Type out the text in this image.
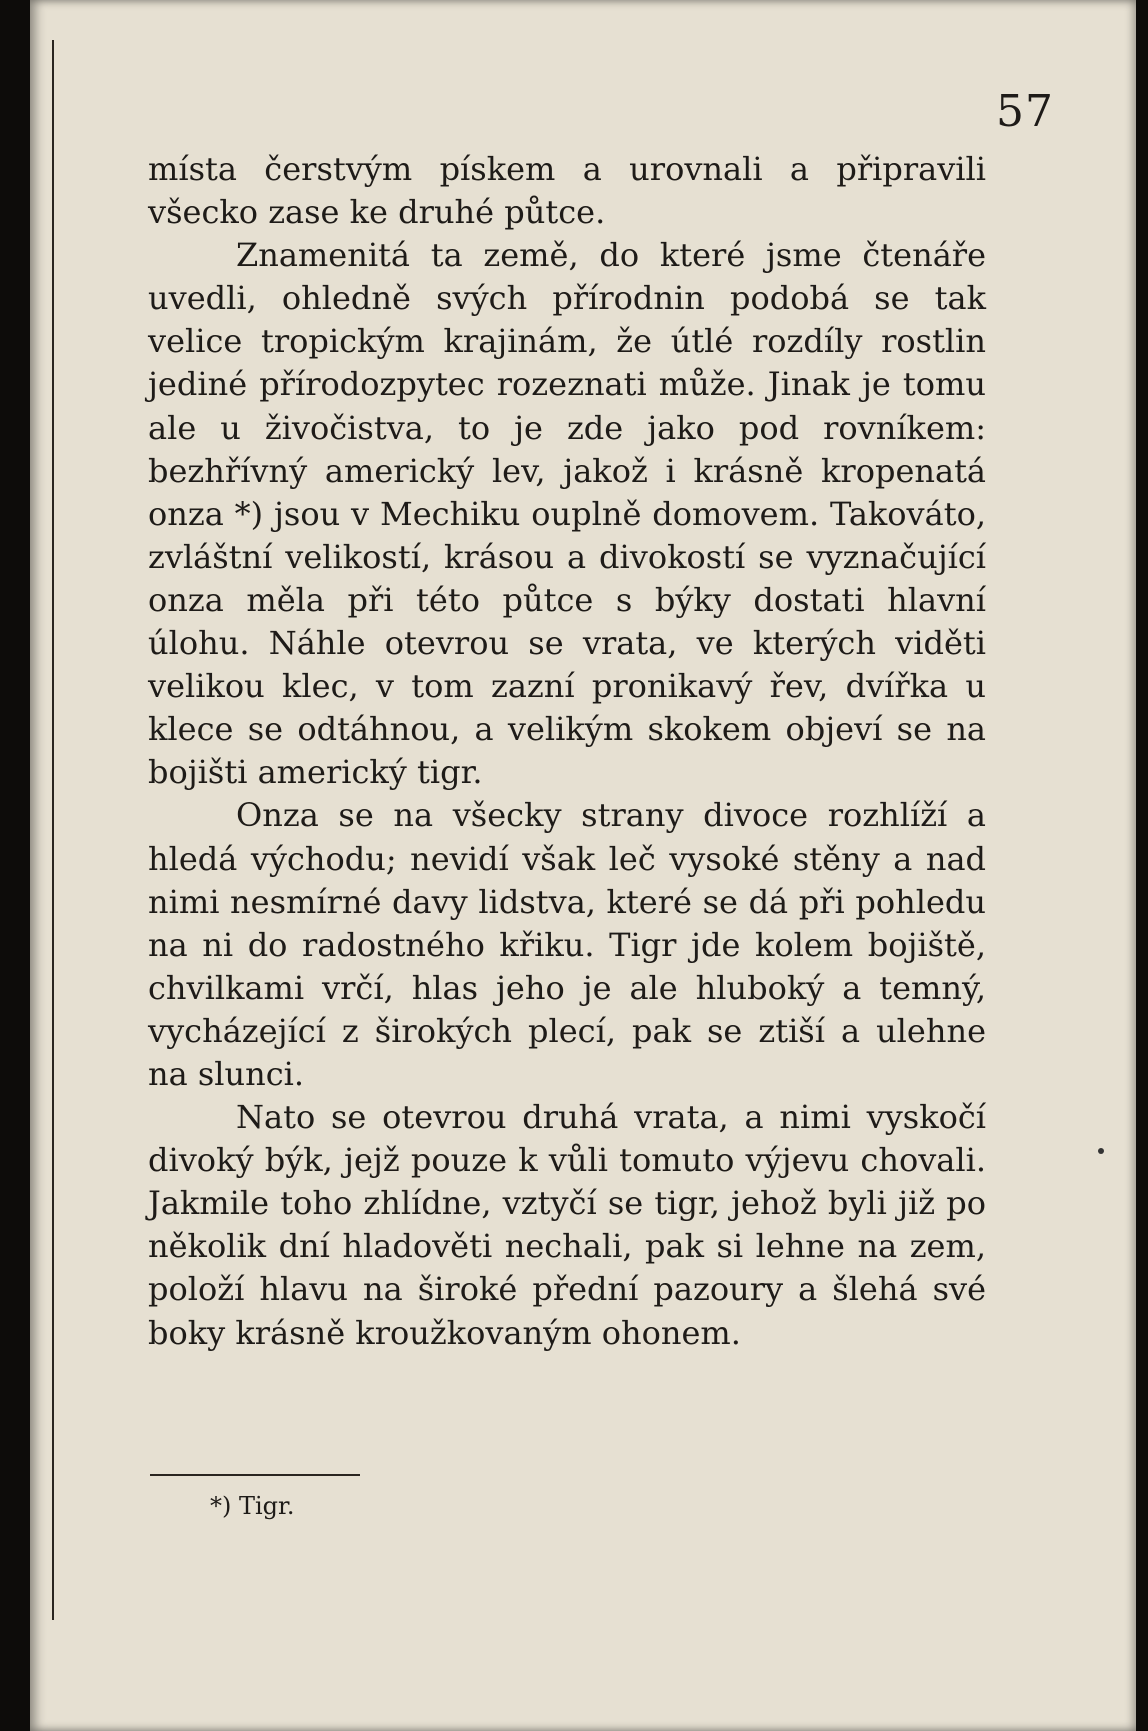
57

místa čerstvým pískem a urovnali a připravili všecko zase ke druhé půtce.

Znamenitá ta země, do které jsme čtenáře uvedli, ohledně svých přírodnin podobá se tak velice tropickým krajinám, že útlé rozdíly rostlin jediné přírodozpytec rozeznati může. Jinak je tomu ale u živočistva, to je zde jako pod rovníkem: bezhřívný americký lev, jakož i krásně kropenatá onza *) jsou v Mechiku ouplně domovem. Takováto, zvláštní velikostí, krásou a divokostí se vyznačující onza měla při této půtce s býky dostati hlavní úlohu. Náhle otevrou se vrata, ve kterých viděti velikou klec, v tom zazní pronikavý řev, dvířka u klece se odtáhnou, a velikým skokem objeví se na bojišti americký tigr.

Onza se na všecky strany divoce rozhlíží a hledá východu; nevidí však leč vysoké stěny a nad nimi nesmírné davy lidstva, které se dá při pohledu na ni do radostného křiku. Tigr jde kolem bojiště, chvilkami vrčí, hlas jeho je ale hluboký a temný, vycházející z širokých plecí, pak se ztiší a ulehne na slunci.

Nato se otevrou druhá vrata, a nimi vyskočí divoký býk, jejž pouze k vůli tomuto výjevu chovali. Jakmile toho zhlídne, vztyčí se tigr, jehož byli již po několik dní hladověti nechali, pak si lehne na zem, položí hlavu na široké přední pazoury a šlehá své boky krásně kroužkovaným ohonem.

*) Tigr.
